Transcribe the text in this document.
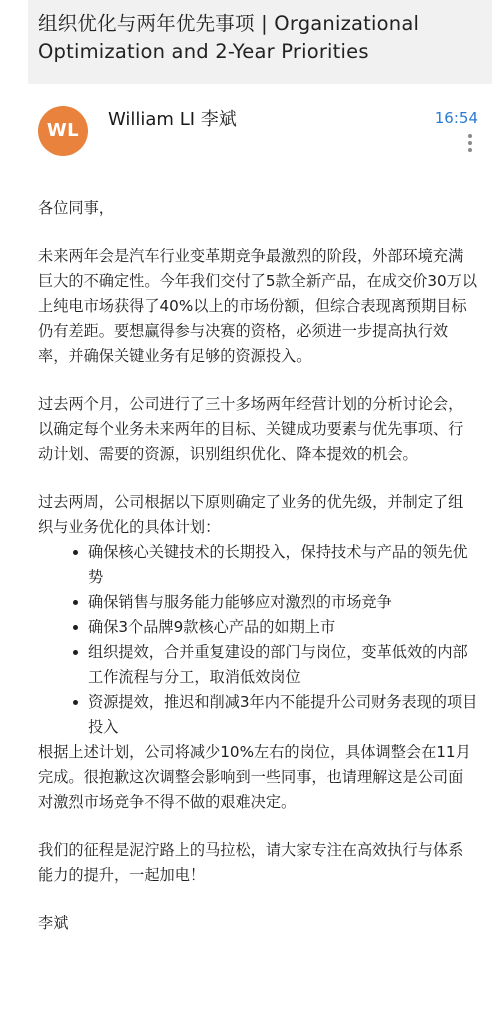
组织优化与两年优先事项 | Organizational Optimization and 2-Year Priorities
WL
William LI 李斌	16:54

各位同事，

未来两年会是汽车行业变革期竞争最激烈的阶段，外部环境充满巨大的不确定性。今年我们交付了5款全新产品，在成交价30万以上纯电市场获得了40%以上的市场份额，但综合表现离预期目标仍有差距。要想赢得参与决赛的资格，必须进一步提高执行效率，并确保关键业务有足够的资源投入。

过去两个月，公司进行了三十多场两年经营计划的分析讨论会，以确定每个业务未来两年的目标、关键成功要素与优先事项、行动计划、需要的资源，识别组织优化、降本提效的机会。

过去两周，公司根据以下原则确定了业务的优先级，并制定了组织与业务优化的具体计划：

确保核心关键技术的长期投入，保持技术与产品的领先优势
确保销售与服务能力能够应对激烈的市场竞争
确保3个品牌9款核心产品的如期上市
组织提效，合并重复建设的部门与岗位，变革低效的内部工作流程与分工，取消低效岗位
资源提效，推迟和削减3年内不能提升公司财务表现的项目投入

根据上述计划，公司将减少10%左右的岗位，具体调整会在11月完成。很抱歉这次调整会影响到一些同事，也请理解这是公司面对激烈市场竞争不得不做的艰难决定。

我们的征程是泥泞路上的马拉松，请大家专注在高效执行与体系能力的提升，一起加电！

李斌
